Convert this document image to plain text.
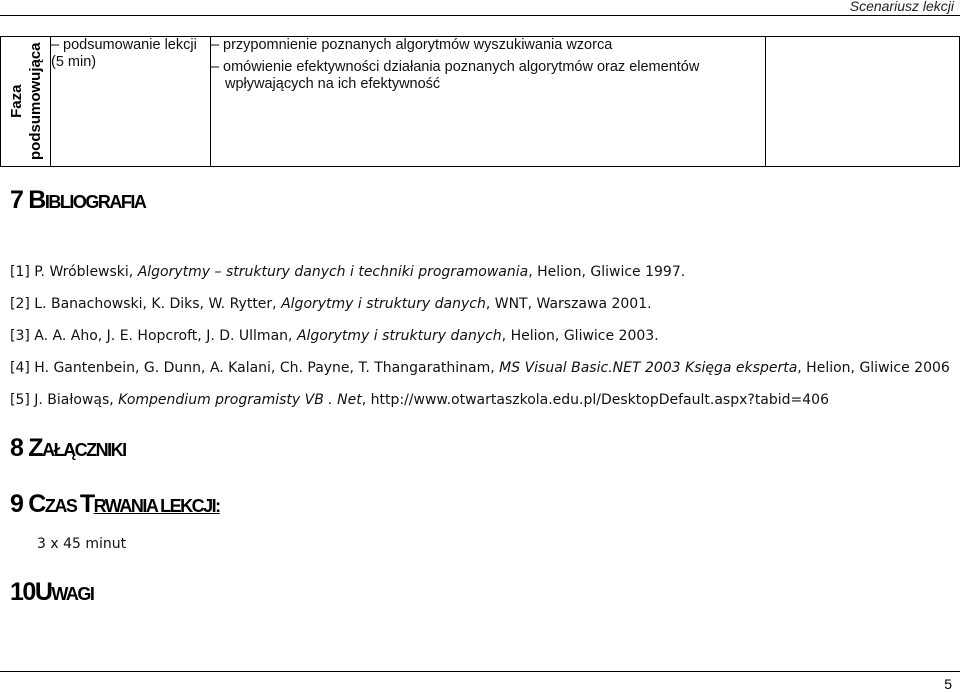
Scenariusz lekcji
Faza podsumowująca	– podsumowanie lekcji
(5 min)

– przypomnienie poznanych algorytmów wyszukiwania wzorca
– omówienie efektywności działania poznanych algorytmów oraz elementów
wpływających na ich efektywność

7 BIBLIOGRAFIA
[1] P. Wróblewski, Algorytmy – struktury danych i techniki programowania, Helion, Gliwice 1997.
[2] L. Banachowski, K. Diks, W. Rytter, Algorytmy i struktury danych, WNT, Warszawa 2001.
[3] A. A. Aho, J. E. Hopcroft, J. D. Ullman, Algorytmy i struktury danych, Helion, Gliwice 2003.
[4] H. Gantenbein, G. Dunn, A. Kalani, Ch. Payne, T. Thangarathinam, MS Visual Basic.NET 2003 Księga eksperta, Helion, Gliwice 2006
[5] J. Białowąs, Kompendium programisty VB . Net, http://www.otwartaszkola.edu.pl/DesktopDefault.aspx?tabid=406
8 ZAŁĄCZNIKI
9 CZAS TRWANIA LEKCJI:
3 x 45 minut
10UWAGI
5
